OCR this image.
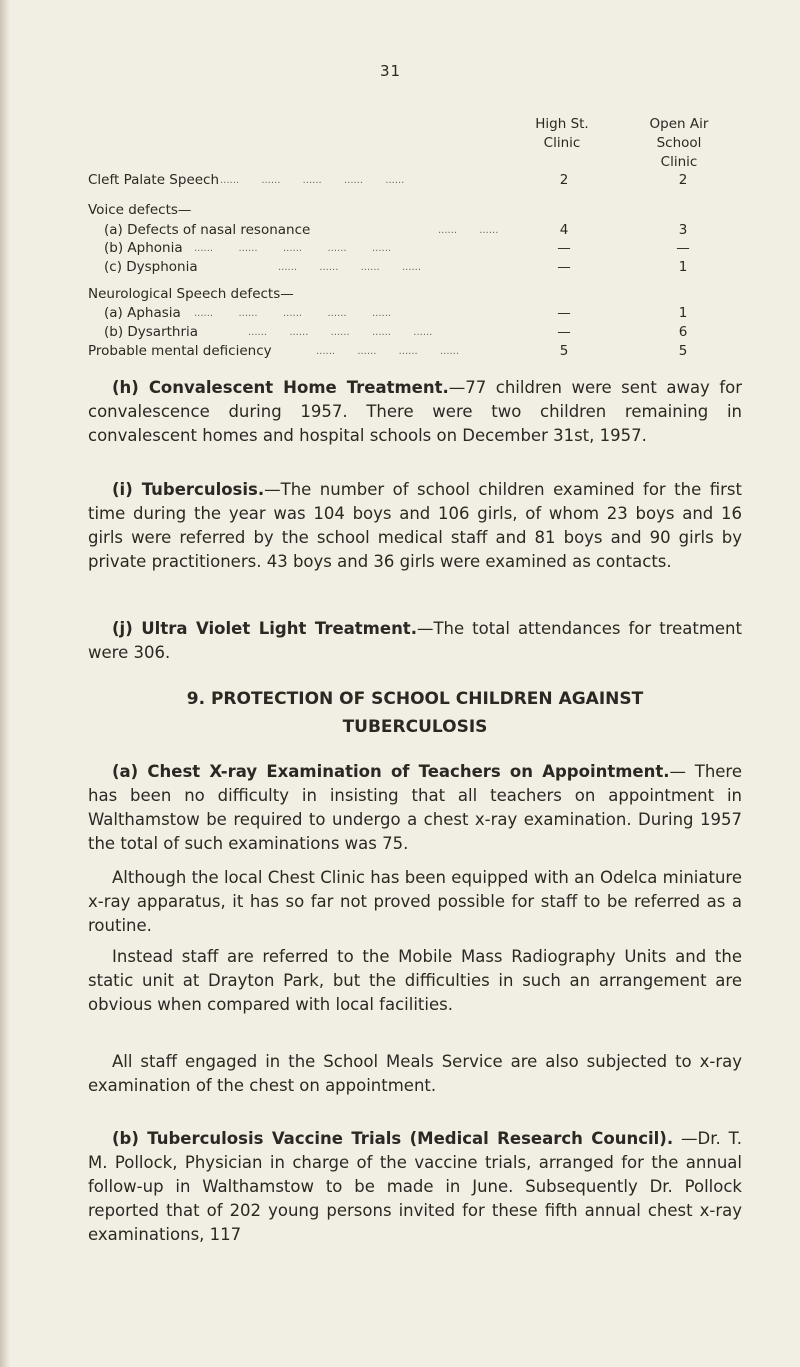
31
High St.
Clinic
Open Air
School
Clinic
Cleft Palate Speech ......       ......       ......       ......       ......	2	2
Voice defects—
(a) Defects of nasal resonance	......       ......	4	3
(b) Aphonia ......        ......        ......        ......        ......	—	—
(c) Dysphonia	......       ......       ......       ......	—	1
Neurological Speech defects—
(a) Aphasia ......        ......        ......        ......        ......	—	1
(b) Dysarthria	......       ......       ......       ......       ......	—	6
Probable mental deficiency	......       ......       ......       ......	5	5

(h) Convalescent Home Treatment.—77 children were sent away for convalescence during 1957. There were two children remaining in convalescent homes and hospital schools on December 31st, 1957.

(i) Tuberculosis.—The number of school children examined for the first time during the year was 104 boys and 106 girls, of whom 23 boys and 16 girls were referred by the school medical staff and 81 boys and 90 girls by private practitioners. 43 boys and 36 girls were examined as contacts.

(j) Ultra Violet Light Treatment.—The total attendances for treatment were 306.

9. PROTECTION OF SCHOOL CHILDREN AGAINST
TUBERCULOSIS

(a) Chest X-ray Examination of Teachers on Appointment.— There has been no difficulty in insisting that all teachers on appointment in Walthamstow be required to undergo a chest x-ray examination. During 1957 the total of such examinations was 75.

Although the local Chest Clinic has been equipped with an Odelca miniature x-ray apparatus, it has so far not proved possible for staff to be referred as a routine.

Instead staff are referred to the Mobile Mass Radiography Units and the static unit at Drayton Park, but the difficulties in such an arrangement are obvious when compared with local facilities.

All staff engaged in the School Meals Service are also subjected to x-ray examination of the chest on appointment.

(b) Tuberculosis Vaccine Trials (Medical Research Council). —Dr. T. M. Pollock, Physician in charge of the vaccine trials, arranged for the annual follow-up in Walthamstow to be made in June. Subsequently Dr. Pollock reported that of 202 young persons invited for these fifth annual chest x-ray examinations, 117
